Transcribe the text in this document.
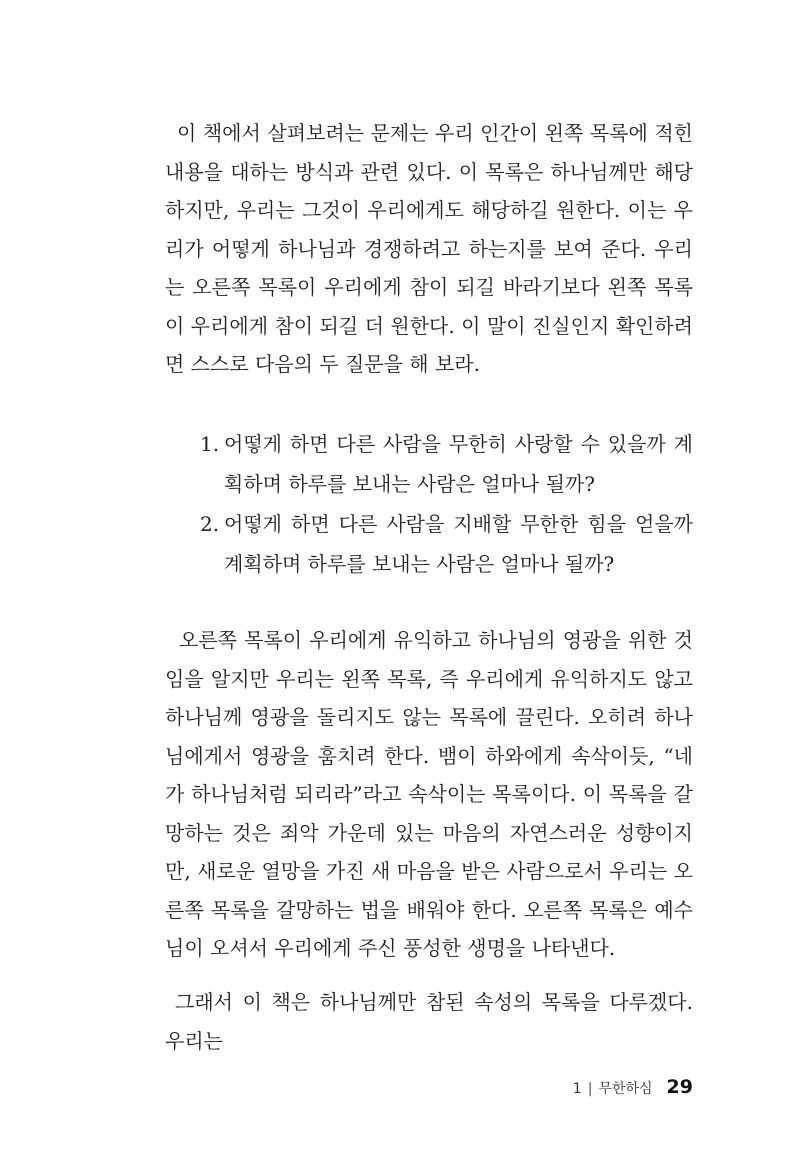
이 책에서 살펴보려는 문제는 우리 인간이 왼쪽 목록에 적힌 내용을 대하는 방식과 관련 있다. 이 목록은 하나님께만 해당하지만, 우리는 그것이 우리에게도 해당하길 원한다. 이는 우리가 어떻게 하나님과 경쟁하려고 하는지를 보여 준다. 우리는 오른쪽 목록이 우리에게 참이 되길 바라기보다 왼쪽 목록이 우리에게 참이 되길 더 원한다. 이 말이 진실인지 확인하려면 스스로 다음의 두 질문을 해 보라.

1. 어떻게 하면 다른 사람을 무한히 사랑할 수 있을까 계획하며 하루를 보내는 사람은 얼마나 될까?
2. 어떻게 하면 다른 사람을 지배할 무한한 힘을 얻을까 계획하며 하루를 보내는 사람은 얼마나 될까?

오른쪽 목록이 우리에게 유익하고 하나님의 영광을 위한 것임을 알지만 우리는 왼쪽 목록, 즉 우리에게 유익하지도 않고 하나님께 영광을 돌리지도 않는 목록에 끌린다. 오히려 하나님에게서 영광을 훔치려 한다. 뱀이 하와에게 속삭이듯, “네가 하나님처럼 되리라”라고 속삭이는 목록이다. 이 목록을 갈망하는 것은 죄악 가운데 있는 마음의 자연스러운 성향이지만, 새로운 열망을 가진 새 마음을 받은 사람으로서 우리는 오른쪽 목록을 갈망하는 법을 배워야 한다. 오른쪽 목록은 예수님이 오셔서 우리에게 주신 풍성한 생명을 나타낸다.

그래서 이 책은 하나님께만 참된 속성의 목록을 다루겠다. 우리는

1 | 무한하심 29
